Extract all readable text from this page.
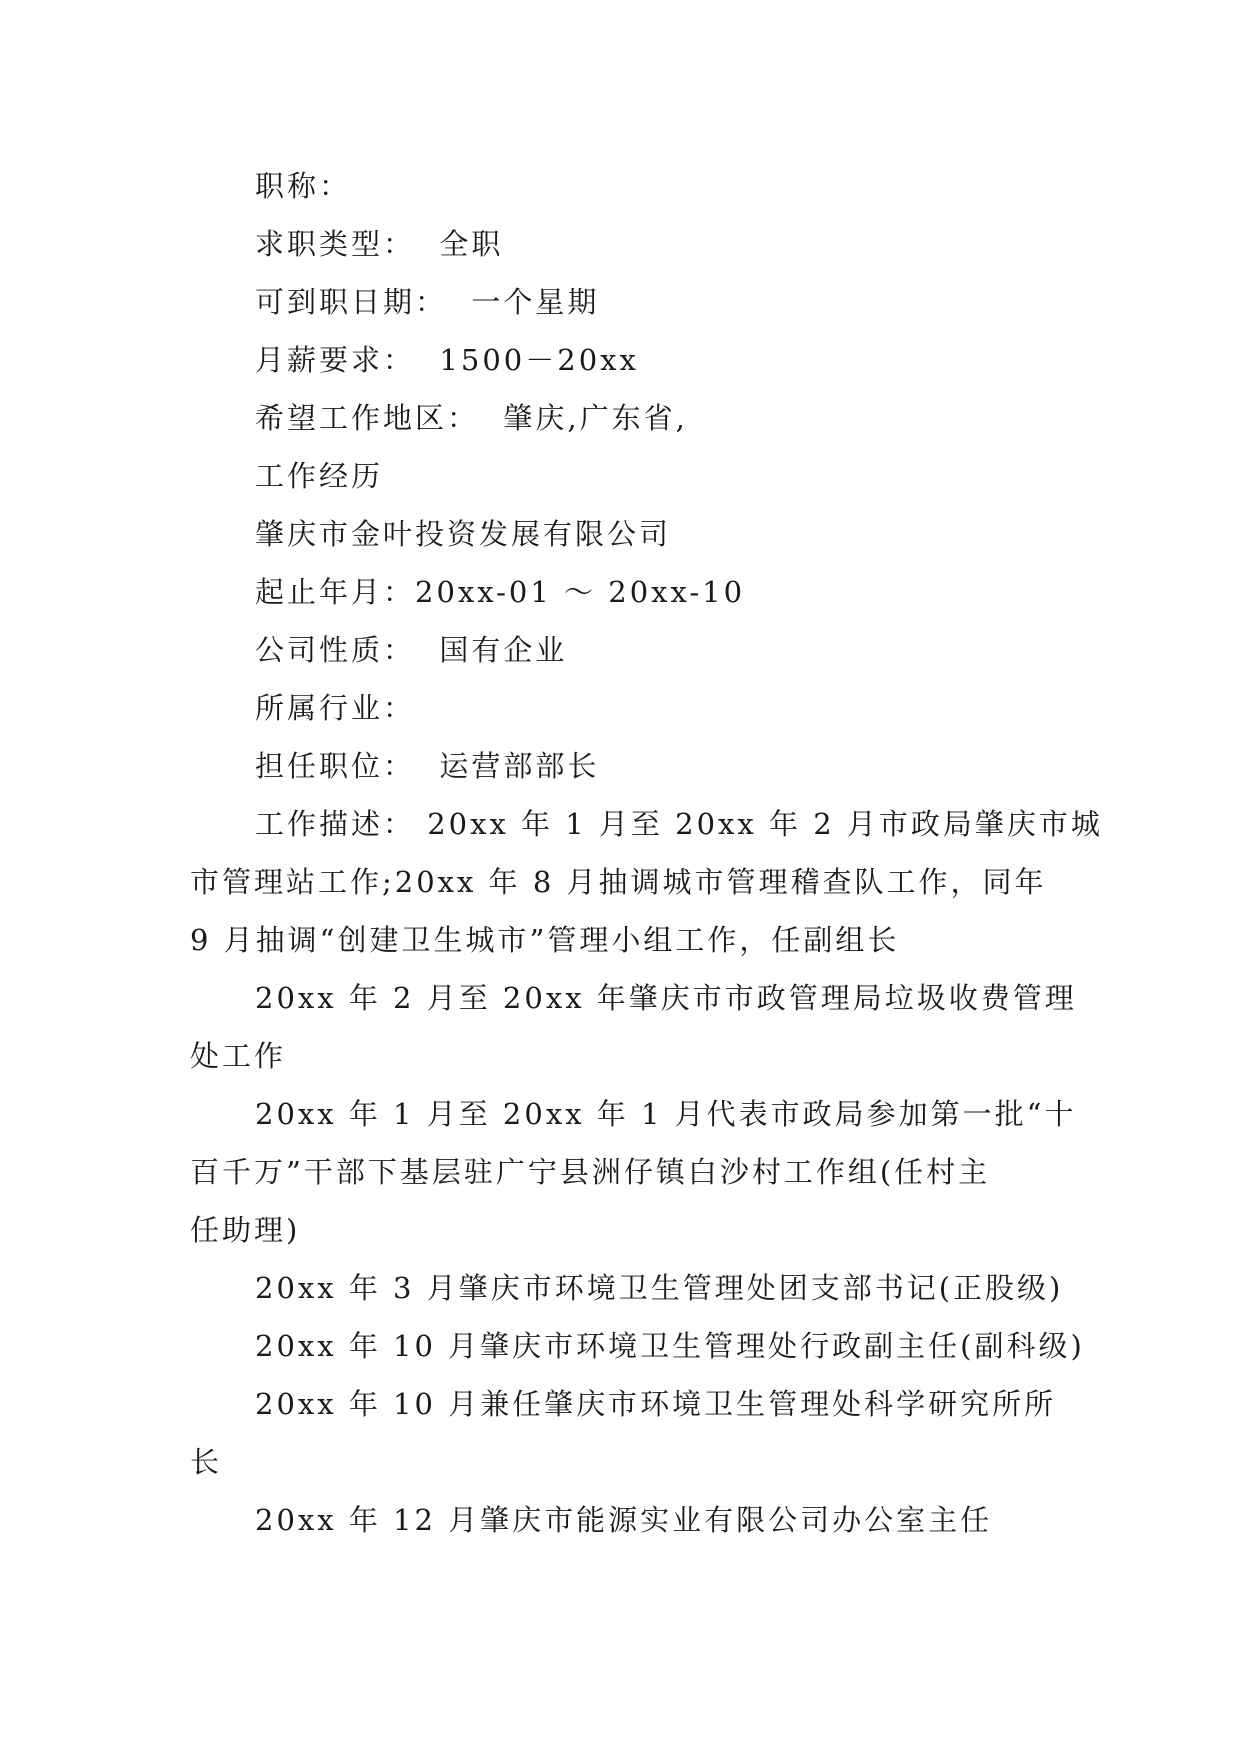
职称：
求职类型：  全职
可到职日期：  一个星期
月薪要求：  1500－20xx
希望工作地区：  肇庆,广东省,
工作经历
肇庆市金叶投资发展有限公司
起止年月：20xx-01 ～ 20xx-10
公司性质：  国有企业
所属行业：
担任职位：  运营部部长
工作描述： 20xx 年 1 月至 20xx 年 2 月市政局肇庆市城
市管理站工作;20xx 年 8 月抽调城市管理稽查队工作，同年
9 月抽调“创建卫生城市”管理小组工作，任副组长
20xx 年 2 月至 20xx 年肇庆市市政管理局垃圾收费管理
处工作
20xx 年 1 月至 20xx 年 1 月代表市政局参加第一批“十
百千万”干部下基层驻广宁县洲仔镇白沙村工作组(任村主
任助理)
20xx 年 3 月肇庆市环境卫生管理处团支部书记(正股级)
20xx 年 10 月肇庆市环境卫生管理处行政副主任(副科级)
20xx 年 10 月兼任肇庆市环境卫生管理处科学研究所所
长
20xx 年 12 月肇庆市能源实业有限公司办公室主任
